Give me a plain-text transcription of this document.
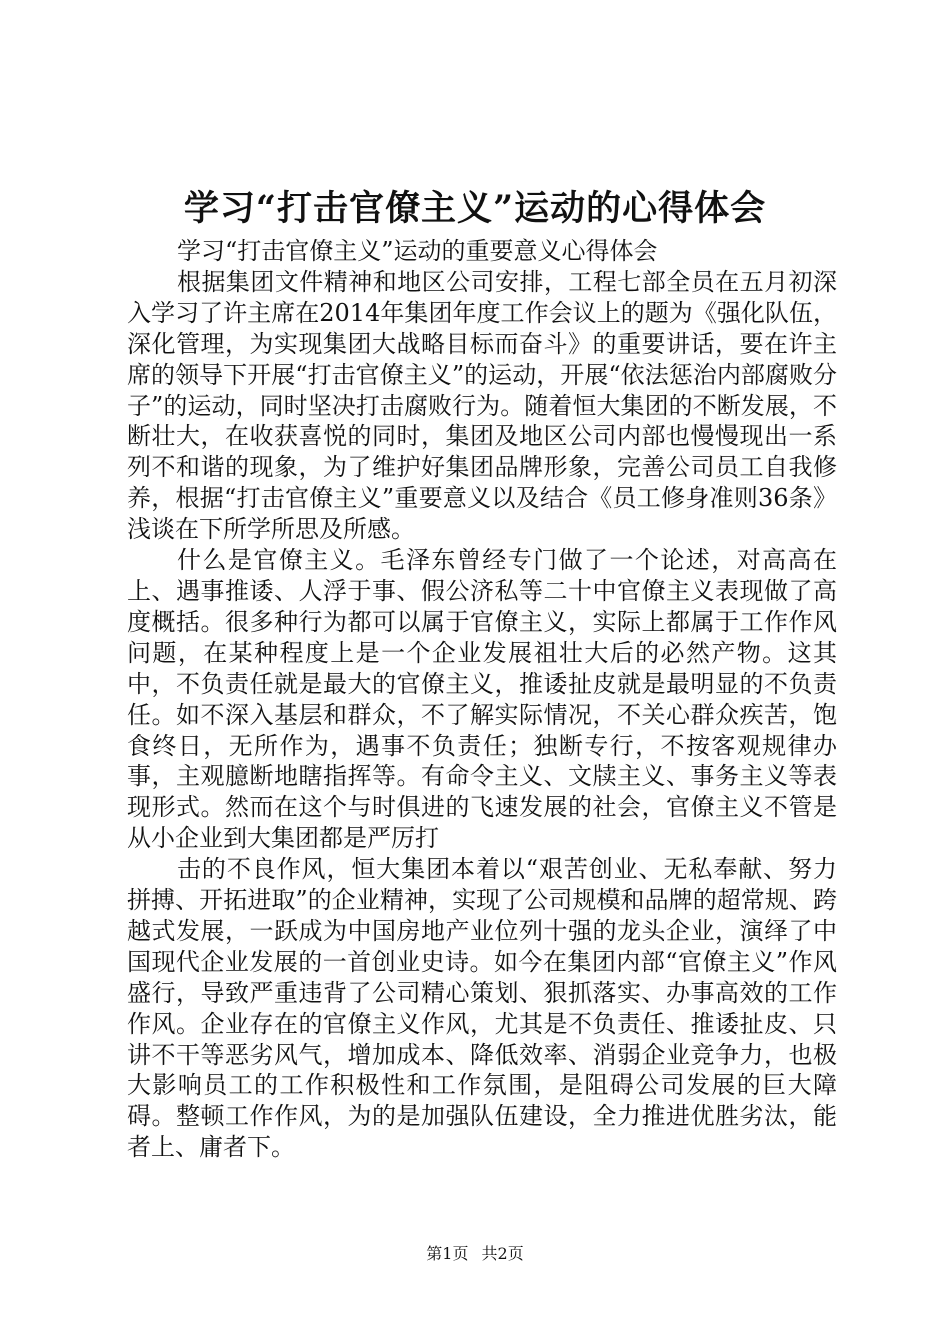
学习“打击官僚主义”运动的心得体会

学习“打击官僚主义”运动的重要意义心得体会

根据集团文件精神和地区公司安排，工程七部全员在五月初深入学习了许主席在2014年集团年度工作会议上的题为《强化队伍，深化管理，为实现集团大战略目标而奋斗》的重要讲话，要在许主席的领导下开展“打击官僚主义”的运动，开展“依法惩治内部腐败分子”的运动，同时坚决打击腐败行为。随着恒大集团的不断发展，不断壮大，在收获喜悦的同时，集团及地区公司内部也慢慢现出一系列不和谐的现象，为了维护好集团品牌形象，完善公司员工自我修养，根据“打击官僚主义”重要意义以及结合《员工修身准则36条》浅谈在下所学所思及所感。

什么是官僚主义。毛泽东曾经专门做了一个论述，对高高在上、遇事推诿、人浮于事、假公济私等二十中官僚主义表现做了高度概括。很多种行为都可以属于官僚主义，实际上都属于工作作风问题，在某种程度上是一个企业发展祖壮大后的必然产物。这其中，不负责任就是最大的官僚主义，推诿扯皮就是最明显的不负责任。如不深入基层和群众，不了解实际情况，不关心群众疾苦，饱食终日，无所作为，遇事不负责任；独断专行，不按客观规律办事，主观臆断地瞎指挥等。有命令主义、文牍主义、事务主义等表现形式。然而在这个与时俱进的飞速发展的社会，官僚主义不管是从小企业到大集团都是严厉打

击的不良作风，恒大集团本着以“艰苦创业、无私奉献、努力拼搏、开拓进取”的企业精神，实现了公司规模和品牌的超常规、跨越式发展，一跃成为中国房地产业位列十强的龙头企业，演绎了中国现代企业发展的一首创业史诗。如今在集团内部“官僚主义”作风盛行，导致严重违背了公司精心策划、狠抓落实、办事高效的工作作风。企业存在的官僚主义作风，尤其是不负责任、推诿扯皮、只讲不干等恶劣风气，增加成本、降低效率、消弱企业竞争力，也极大影响员工的工作积极性和工作氛围，是阻碍公司发展的巨大障碍。整顿工作作风，为的是加强队伍建设，全力推进优胜劣汰，能者上、庸者下。

第1页 共2页
